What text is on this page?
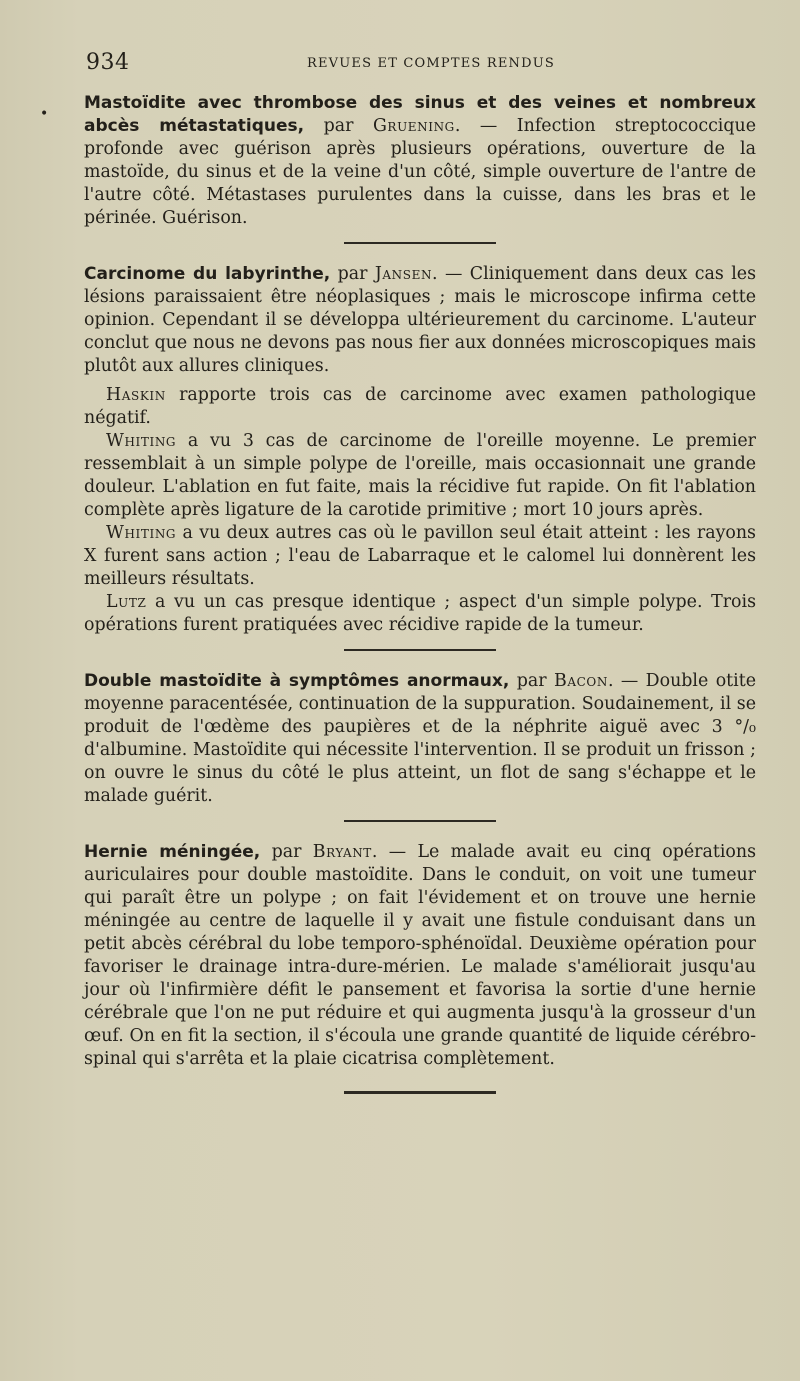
934	REVUES ET COMPTES RENDUS
•

Mastoïdite avec thrombose des sinus et des veines et nombreux abcès métastatiques, par Gruening. — Infection streptococcique profonde avec guérison après plusieurs opérations, ouverture de la mastoïde, du sinus et de la veine d'un côté, simple ouverture de l'antre de l'autre côté. Métastases purulentes dans la cuisse, dans les bras et le périnée. Guérison.

Carcinome du labyrinthe, par Jansen. — Cliniquement dans deux cas les lésions paraissaient être néoplasiques ; mais le microscope infirma cette opinion. Cependant il se développa ultérieurement du carcinome. L'auteur conclut que nous ne devons pas nous fier aux données microscopiques mais plutôt aux allures cliniques.

Haskin rapporte trois cas de carcinome avec examen pathologique négatif.

Whiting a vu 3 cas de carcinome de l'oreille moyenne. Le premier ressemblait à un simple polype de l'oreille, mais occasionnait une grande douleur. L'ablation en fut faite, mais la récidive fut rapide. On fit l'ablation complète après ligature de la carotide primitive ; mort 10 jours après.

Whiting a vu deux autres cas où le pavillon seul était atteint : les rayons X furent sans action ; l'eau de Labarraque et le calomel lui donnèrent les meilleurs résultats.

Lutz a vu un cas presque identique ; aspect d'un simple polype. Trois opérations furent pratiquées avec récidive rapide de la tumeur.

Double mastoïdite à symptômes anormaux, par Bacon. — Double otite moyenne paracentésée, continuation de la suppuration. Soudainement, il se produit de l'œdème des paupières et de la néphrite aiguë avec 3 °/₀ d'albumine. Mastoïdite qui nécessite l'intervention. Il se produit un frisson ; on ouvre le sinus du côté le plus atteint, un flot de sang s'échappe et le malade guérit.

Hernie méningée, par Bryant. — Le malade avait eu cinq opérations auriculaires pour double mastoïdite. Dans le conduit, on voit une tumeur qui paraît être un polype ; on fait l'évidement et on trouve une hernie méningée au centre de laquelle il y avait une fistule conduisant dans un petit abcès cérébral du lobe temporo-sphénoïdal. Deuxième opération pour favoriser le drainage intra-dure-mérien. Le malade s'améliorait jusqu'au jour où l'infirmière défit le pansement et favorisa la sortie d'une hernie cérébrale que l'on ne put réduire et qui augmenta jusqu'à la grosseur d'un œuf. On en fit la section, il s'écoula une grande quantité de liquide cérébro-spinal qui s'arrêta et la plaie cicatrisa complètement.
